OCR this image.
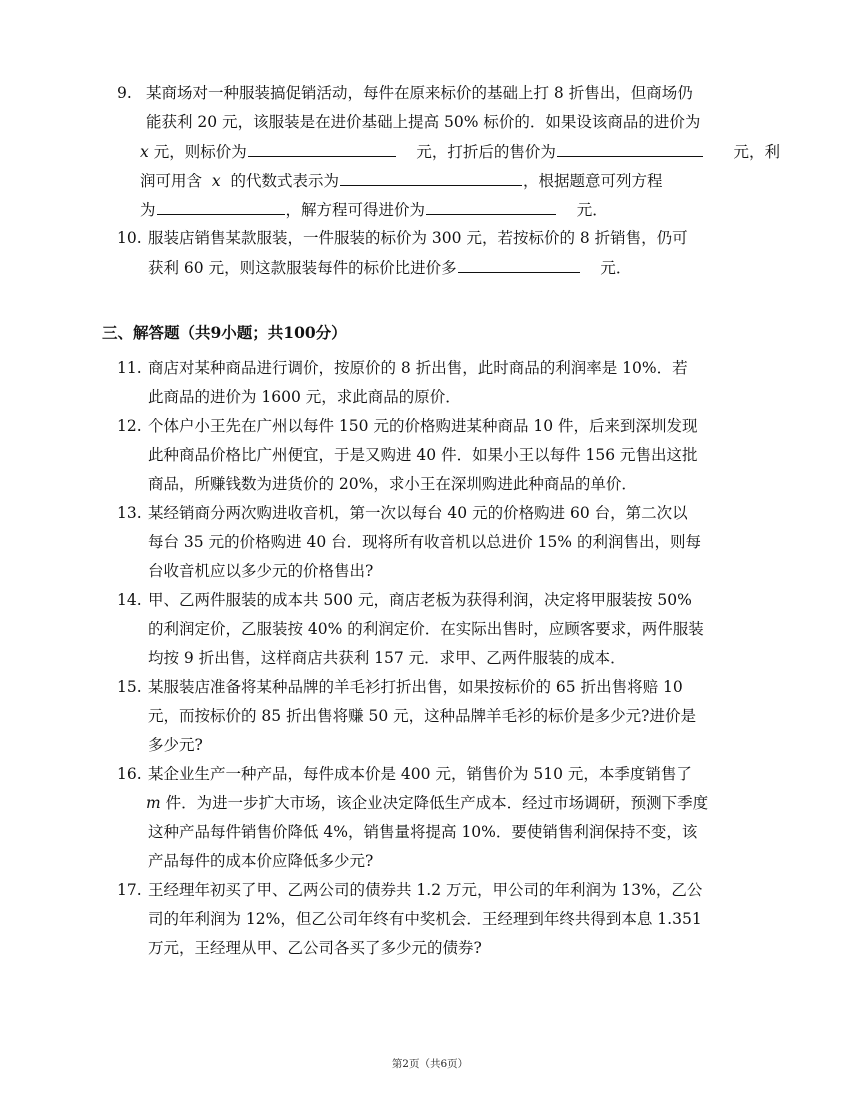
9. 某商场对一种服装搞促销活动，每件在原来标价的基础上打 8 折售出，但商场仍
能获利 20 元，该服装是在进价基础上提高 50% 标价的．如果设该商品的进价为
x 元，则标价为	元，打折后的售价为	元，利
润可用含 x 的代数式表示为	，根据题意可列方程
为	，解方程可得进价为	元．
10. 服装店销售某款服装，一件服装的标价为 300 元，若按标价的 8 折销售，仍可
获利 60 元，则这款服装每件的标价比进价多	元．
三、解答题（共9小题；共100分）
11. 商店对某种商品进行调价，按原价的 8 折出售，此时商品的利润率是 10%．若
此商品的进价为 1600 元，求此商品的原价．
12. 个体户小王先在广州以每件 150 元的价格购进某种商品 10 件，后来到深圳发现
此种商品价格比广州便宜，于是又购进 40 件．如果小王以每件 156 元售出这批
商品，所赚钱数为进货价的 20%，求小王在深圳购进此种商品的单价．
13. 某经销商分两次购进收音机，第一次以每台 40 元的价格购进 60 台，第二次以
每台 35 元的价格购进 40 台．现将所有收音机以总进价 15% 的利润售出，则每
台收音机应以多少元的价格售出?
14. 甲、乙两件服装的成本共 500 元，商店老板为获得利润，决定将甲服装按 50%
的利润定价，乙服装按 40% 的利润定价．在实际出售时，应顾客要求，两件服装
均按 9 折出售，这样商店共获利 157 元．求甲、乙两件服装的成本．
15. 某服装店准备将某种品牌的羊毛衫打折出售，如果按标价的 65 折出售将赔 10
元，而按标价的 85 折出售将赚 50 元，这种品牌羊毛衫的标价是多少元?进价是
多少元?
16. 某企业生产一种产品，每件成本价是 400 元，销售价为 510 元，本季度销售了
m 件．为进一步扩大市场，该企业决定降低生产成本．经过市场调研，预测下季度
这种产品每件销售价降低 4%，销售量将提高 10%．要使销售利润保持不变，该
产品每件的成本价应降低多少元?
17. 王经理年初买了甲、乙两公司的债券共 1.2 万元，甲公司的年利润为 13%，乙公
司的年利润为 12%，但乙公司年终有中奖机会．王经理到年终共得到本息 1.351
万元，王经理从甲、乙公司各买了多少元的债券?
第2页（共6页）
